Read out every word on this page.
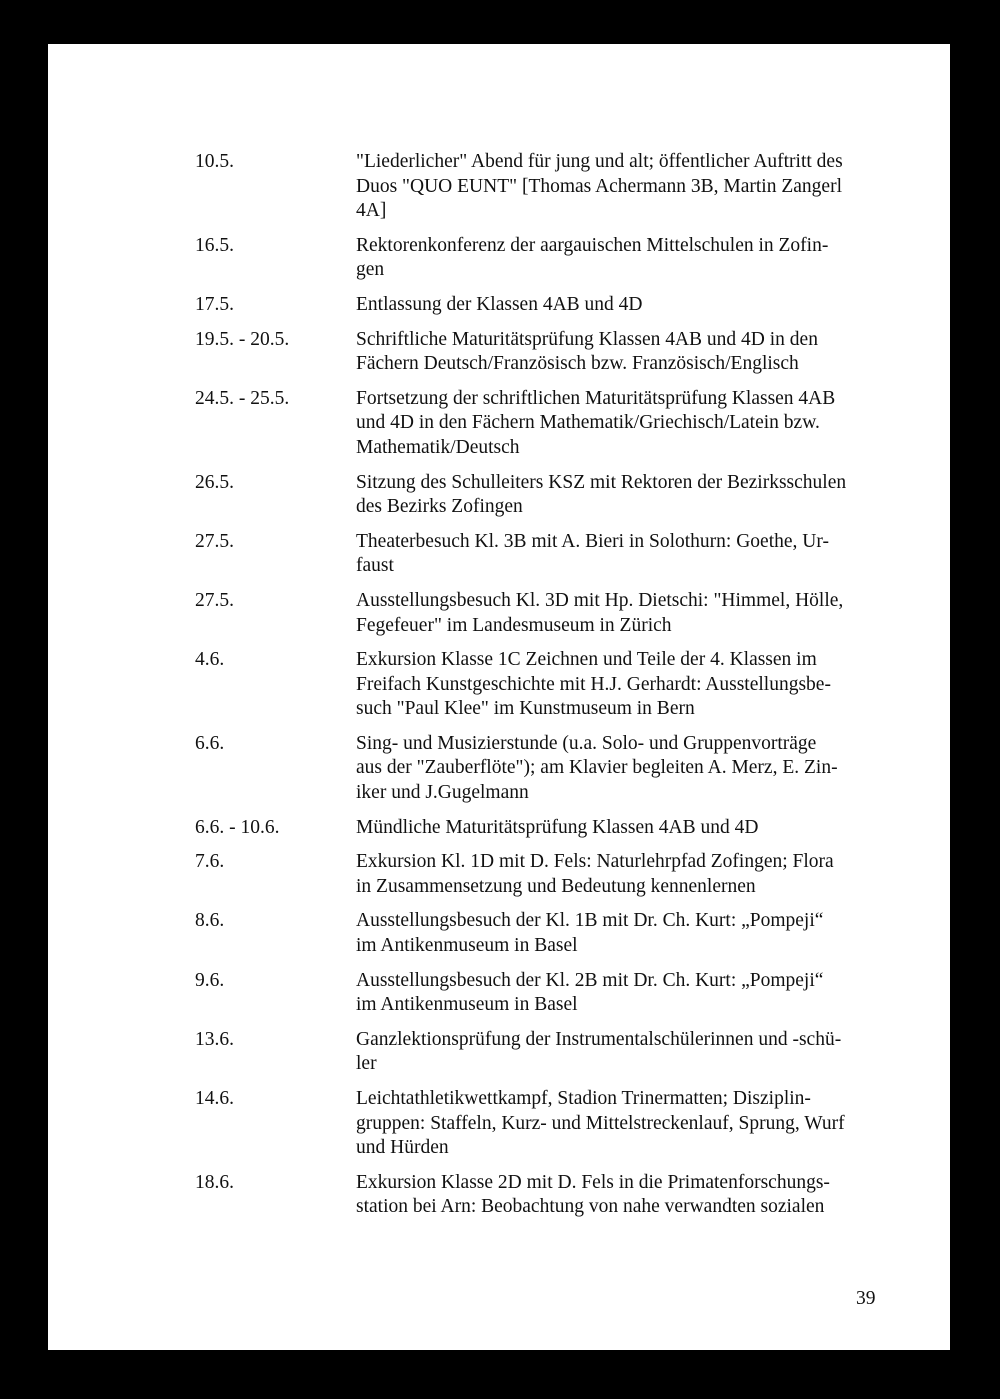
10.5.	"Liederlicher" Abend für jung und alt; öffentlicher Auftritt des
Duos "QUO EUNT" [Thomas Achermann 3B, Martin Zangerl
4A]
16.5.	Rektorenkonferenz der aargauischen Mittelschulen in Zofin-
gen
17.5.	Entlassung der Klassen 4AB und 4D
19.5. - 20.5.	Schriftliche Maturitätsprüfung Klassen 4AB und 4D in den
Fächern Deutsch/Französisch bzw. Französisch/Englisch
24.5. - 25.5.	Fortsetzung der schriftlichen Maturitätsprüfung Klassen 4AB
und 4D in den Fächern Mathematik/Griechisch/Latein bzw.
Mathematik/Deutsch
26.5.	Sitzung des Schulleiters KSZ mit Rektoren der Bezirksschulen
des Bezirks Zofingen
27.5.	Theaterbesuch Kl. 3B mit A. Bieri in Solothurn: Goethe, Ur-
faust
27.5.	Ausstellungsbesuch Kl. 3D mit Hp. Dietschi: "Himmel, Hölle,
Fegefeuer" im Landesmuseum in Zürich
4.6.	Exkursion Klasse 1C Zeichnen und Teile der 4. Klassen im
Freifach Kunstgeschichte mit H.J. Gerhardt: Ausstellungsbe-
such "Paul Klee" im Kunstmuseum in Bern
6.6.	Sing- und Musizierstunde (u.a. Solo- und Gruppenvorträge
aus der "Zauberflöte"); am Klavier begleiten A. Merz, E. Zin-
iker und J.Gugelmann
6.6. - 10.6.	Mündliche Maturitätsprüfung Klassen 4AB und 4D
7.6.	Exkursion Kl. 1D mit D. Fels: Naturlehrpfad Zofingen; Flora
in Zusammensetzung und Bedeutung kennenlernen
8.6.	Ausstellungsbesuch der Kl. 1B mit Dr. Ch. Kurt: „Pompeji“
im Antikenmuseum in Basel
9.6.	Ausstellungsbesuch der Kl. 2B mit Dr. Ch. Kurt: „Pompeji“
im Antikenmuseum in Basel
13.6.	Ganzlektionsprüfung der Instrumentalschülerinnen und -schü-
ler
14.6.	Leichtathletikwettkampf, Stadion Trinermatten; Disziplin-
gruppen: Staffeln, Kurz- und Mittelstreckenlauf, Sprung, Wurf
und Hürden
18.6.	Exkursion Klasse 2D mit D. Fels in die Primatenforschungs-
station bei Arn: Beobachtung von nahe verwandten sozialen
39
